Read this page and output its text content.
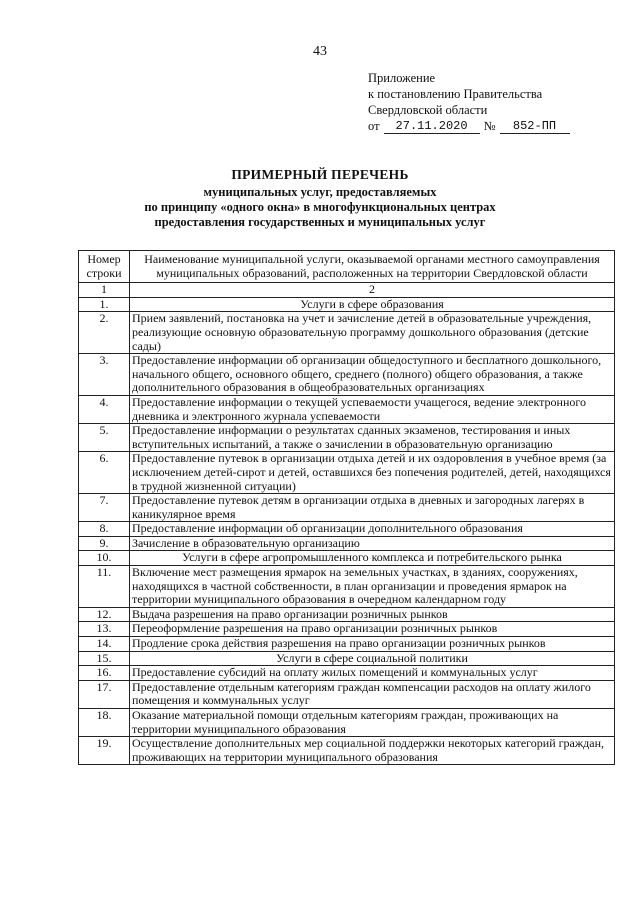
43
Приложение
к постановлению Правительства
Свердловской области
от	27.11.2020	№	852-ПП
ПРИМЕРНЫЙ ПЕРЕЧЕНЬ
муниципальных услуг, предоставляемых
по принципу «одного окна» в многофункциональных центрах
предоставления государственных и муниципальных услуг
Номер строки	Наименование муниципальной услуги, оказываемой органами местного самоуправления муниципальных образований, расположенных на территории Свердловской области
1	2
1.	Услуги в сфере образования
2.	Прием заявлений, постановка на учет и зачисление детей в образовательные учреждения, реализующие основную образовательную программу дошкольного образования (детские сады)
3.	Предоставление информации об организации общедоступного и бесплатного дошкольного, начального общего, основного общего, среднего (полного) общего образования, а также дополнительного образования в общеобразовательных организациях
4.	Предоставление информации о текущей успеваемости учащегося, ведение электронного дневника и электронного журнала успеваемости
5.	Предоставление информации о результатах сданных экзаменов, тестирования и иных вступительных испытаний, а также о зачислении в образовательную организацию
6.	Предоставление путевок в организации отдыха детей и их оздоровления в учебное время (за исключением детей-сирот и детей, оставшихся без попечения родителей, детей, находящихся в трудной жизненной ситуации)
7.	Предоставление путевок детям в организации отдыха в дневных и загородных лагерях в каникулярное время
8.	Предоставление информации об организации дополнительного образования
9.	Зачисление в образовательную организацию
10.	Услуги в сфере агропромышленного комплекса и потребительского рынка
11.	Включение мест размещения ярмарок на земельных участках, в зданиях, сооружениях, находящихся в частной собственности, в план организации и проведения ярмарок на территории муниципального образования в очередном календарном году
12.	Выдача разрешения на право организации розничных рынков
13.	Переоформление разрешения на право организации розничных рынков
14.	Продление срока действия разрешения на право организации розничных рынков
15.	Услуги в сфере социальной политики
16.	Предоставление субсидий на оплату жилых помещений и коммунальных услуг
17.	Предоставление отдельным категориям граждан компенсации расходов на оплату жилого помещения и коммунальных услуг
18.	Оказание материальной помощи отдельным категориям граждан, проживающих на территории муниципального образования
19.	Осуществление дополнительных мер социальной поддержки некоторых категорий граждан, проживающих на территории муниципального образования
